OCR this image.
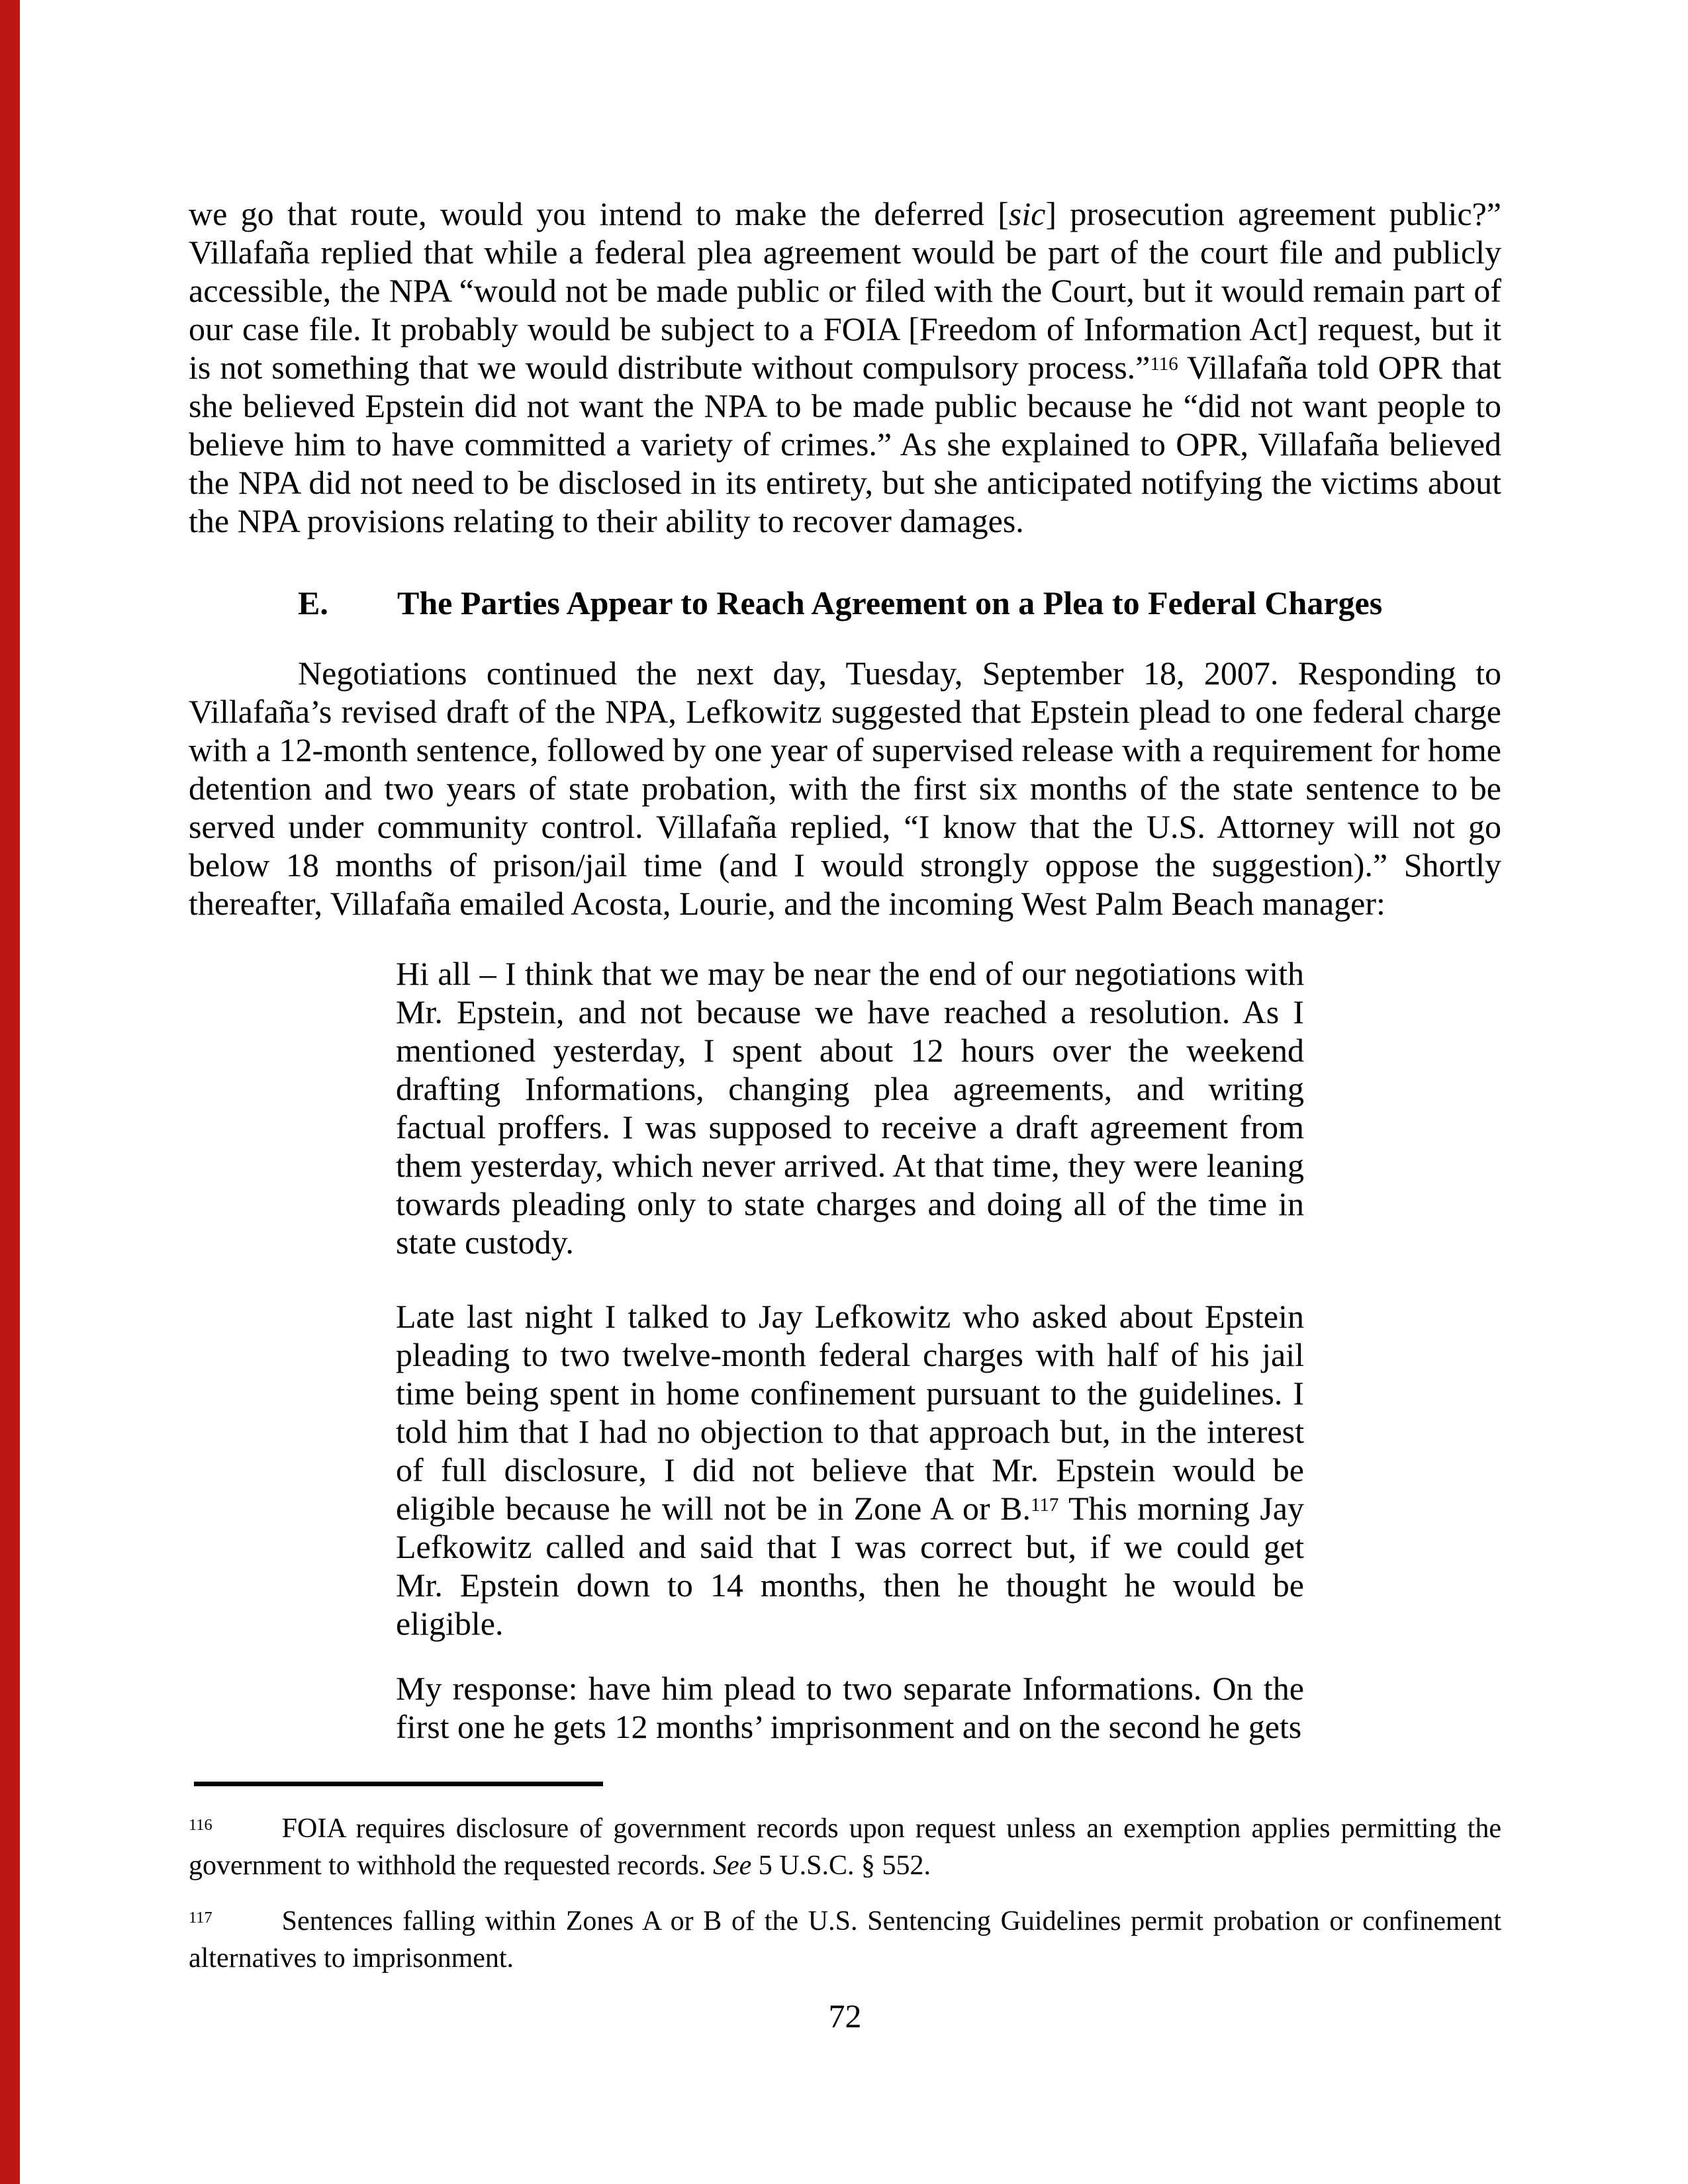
we go that route, would you intend to make the deferred [sic] prosecution agreement public?” Villafaña replied that while a federal plea agreement would be part of the court file and publicly accessible, the NPA “would not be made public or filed with the Court, but it would remain part of our case file. It probably would be subject to a FOIA [Freedom of Information Act] request, but it is not something that we would distribute without compulsory process.”$^{116}$ Villafaña told OPR that she believed Epstein did not want the NPA to be made public because he “did not want people to believe him to have committed a variety of crimes.” As she explained to OPR, Villafaña believed the NPA did not need to be disclosed in its entirety, but she anticipated notifying the victims about the NPA provisions relating to their ability to recover damages.

E. The Parties Appear to Reach Agreement on a Plea to Federal Charges

Negotiations continued the next day, Tuesday, September 18, 2007. Responding to Villafaña’s revised draft of the NPA, Lefkowitz suggested that Epstein plead to one federal charge with a 12-month sentence, followed by one year of supervised release with a requirement for home detention and two years of state probation, with the first six months of the state sentence to be served under community control. Villafaña replied, “I know that the U.S. Attorney will not go below 18 months of prison/jail time (and I would strongly oppose the suggestion).” Shortly thereafter, Villafaña emailed Acosta, Lourie, and the incoming West Palm Beach manager:

Hi all – I think that we may be near the end of our negotiations with Mr. Epstein, and not because we have reached a resolution. As I mentioned yesterday, I spent about 12 hours over the weekend drafting Informations, changing plea agreements, and writing factual proffers. I was supposed to receive a draft agreement from them yesterday, which never arrived. At that time, they were leaning towards pleading only to state charges and doing all of the time in state custody.

Late last night I talked to Jay Lefkowitz who asked about Epstein pleading to two twelve-month federal charges with half of his jail time being spent in home confinement pursuant to the guidelines. I told him that I had no objection to that approach but, in the interest of full disclosure, I did not believe that Mr. Epstein would be eligible because he will not be in Zone A or B.$^{117}$ This morning Jay Lefkowitz called and said that I was correct but, if we could get Mr. Epstein down to 14 months, then he thought he would be eligible.

My response: have him plead to two separate Informations. On the first one he gets 12 months’ imprisonment and on the second he gets

$^{116}$	FOIA requires disclosure of government records upon request unless an exemption applies permitting the government to withhold the requested records. See 5 U.S.C. § 552.

$^{117}$	Sentences falling within Zones A or B of the U.S. Sentencing Guidelines permit probation or confinement alternatives to imprisonment.

72
